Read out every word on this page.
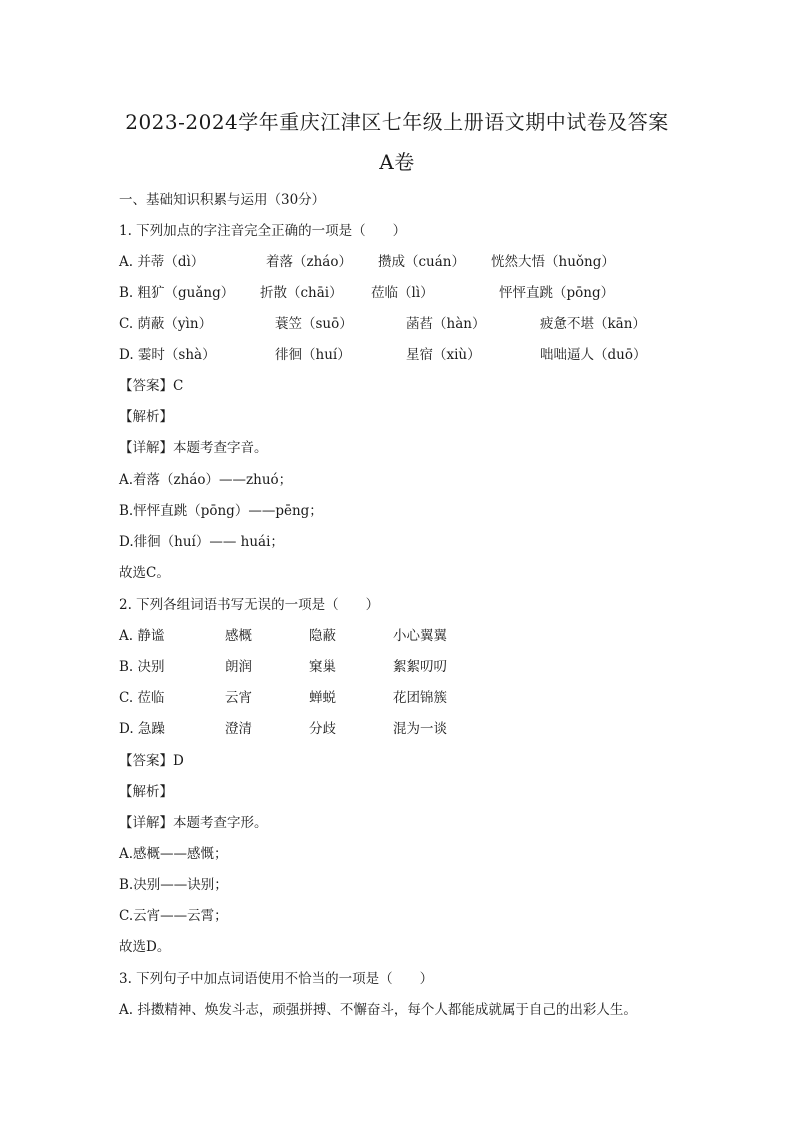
2023-2024学年重庆江津区七年级上册语文期中试卷及答案
A卷
一、基础知识积累与运用（30分）
1. 下列加点的字注音完全正确的一项是（　　）
A. 并蒂（dì）	着落（zháo） 攒成（cuán） 恍然大悟（huǒng）
B. 粗犷（guǎng） 折散（chāi） 莅临（lì）	怦怦直跳（pōng）
C. 荫蔽（yìn）	蓑笠（suō）	菡萏（hàn）	疲惫不堪（kān）
D. 霎时（shà）	徘徊（huí）	星宿（xiù）	咄咄逼人（duō）
【答案】C
【解析】
【详解】本题考查字音。
A.着落（zháo）——zhuó；
B.怦怦直跳（pōng）——pēng；
D.徘徊（huí）—— huái；
故选C。
2. 下列各组词语书写无误的一项是（　　）
A. 静谧	感概	隐蔽	小心翼翼
B. 决别	朗润	窠巢	絮絮叨叨
C. 莅临	云宵	蝉蜕	花团锦簇
D. 急躁	澄清	分歧	混为一谈
【答案】D
【解析】
【详解】本题考查字形。
A.感概——感慨；
B.决别——诀别；
C.云宵——云霄；
故选D。
3. 下列句子中加点词语使用不恰当的一项是（　　）
A. 抖擞精神、焕发斗志，顽强拼搏、不懈奋斗，每个人都能成就属于自己的出彩人生。
